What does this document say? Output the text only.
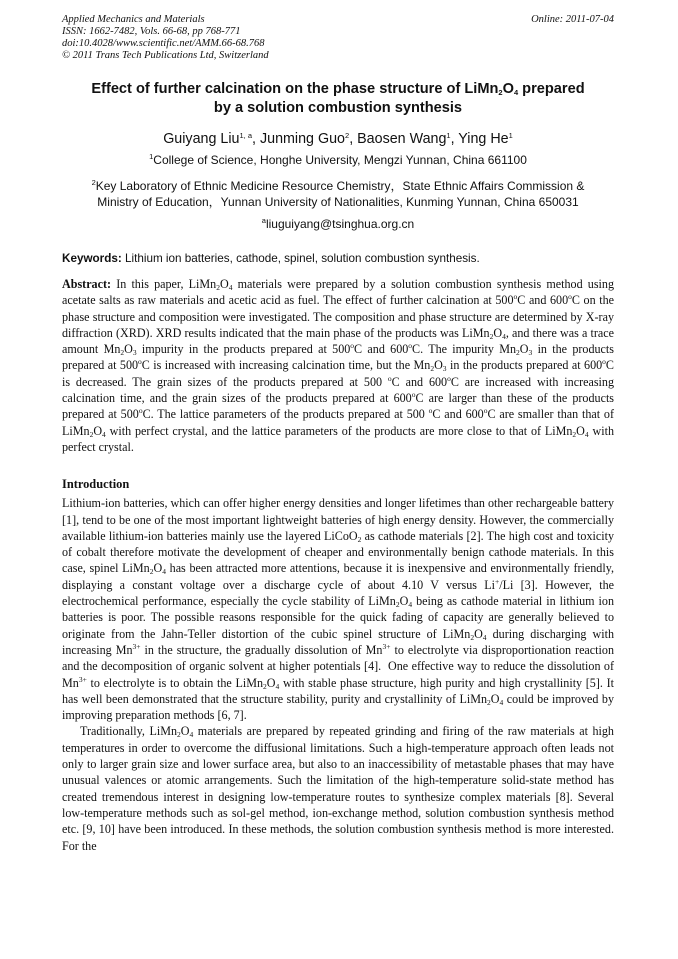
Applied Mechanics and Materials
ISSN: 1662-7482, Vols. 66-68, pp 768-771
doi:10.4028/www.scientific.net/AMM.66-68.768
© 2011 Trans Tech Publications Ltd, Switzerland
Online: 2011-07-04
Effect of further calcination on the phase structure of $LiMn_2O_4$ prepared
by a solution combustion synthesis
Guiyang Liu$^{1, a}$, Junming Guo$^2$, Baosen Wang$^1$, Ying He$^1$
$^1$College of Science, Honghe University, Mengzi Yunnan, China 661100
$^2$Key Laboratory of Ethnic Medicine Resource Chemistry，State Ethnic Affairs Commission &
Ministry of Education，Yunnan University of Nationalities, Kunming Yunnan, China 650031
$^a$liuguiyang@tsinghua.org.cn
Keywords: Lithium ion batteries, cathode, spinel, solution combustion synthesis.

Abstract: In this paper, $LiMn_2O_4$ materials were prepared by a solution combustion synthesis method using acetate salts as raw materials and acetic acid as fuel. The effect of further calcination at 500$^o$C and 600$^o$C on the phase structure and composition were investigated. The composition and phase structure are determined by X-ray diffraction (XRD). XRD results indicated that the main phase of the products was $LiMn_2O_4$, and there was a trace amount $Mn_2O_3$ impurity in the products prepared at 500$^o$C and 600$^o$C. The impurity $Mn_2O_3$ in the products prepared at 500$^o$C is increased with increasing calcination time, but the $Mn_2O_3$ in the products prepared at 600$^o$C is decreased. The grain sizes of the products prepared at 500 $^o$C and 600$^o$C are increased with increasing calcination time, and the grain sizes of the products prepared at 600$^o$C are larger than these of the products prepared at 500$^o$C. The lattice parameters of the products prepared at 500 $^o$C and 600$^o$C are smaller than that of $LiMn_2O_4$ with perfect crystal, and the lattice parameters of the products are more close to that of $LiMn_2O_4$ with perfect crystal.

Introduction

Lithium-ion batteries, which can offer higher energy densities and longer lifetimes than other rechargeable battery [1], tend to be one of the most important lightweight batteries of high energy density. However, the commercially available lithium-ion batteries mainly use the layered LiCoO$_2$ as cathode materials [2]. The high cost and toxicity of cobalt therefore motivate the development of cheaper and environmentally benign cathode materials. In this case, spinel $LiMn_2O_4$ has been attracted more attentions, because it is inexpensive and environmentally friendly, displaying a constant voltage over a discharge cycle of about 4.10 V versus Li+/Li [3]. However, the electrochemical performance, especially the cycle stability of $LiMn_2O_4$ being as cathode material in lithium ion batteries is poor. The possible reasons responsible for the quick fading of capacity are generally believed to originate from the Jahn-Teller distortion of the cubic spinel structure of $LiMn_2O_4$ during discharging with increasing $Mn^{3+}$ in the structure, the gradually dissolution of $Mn^{3+}$ to electrolyte via disproportionation reaction and the decomposition of organic solvent at higher potentials [4].  One effective way to reduce the dissolution of $Mn^{3+}$ to electrolyte is to obtain the $LiMn_2O_4$ with stable phase structure, high purity and high crystallinity [5]. It has well been demonstrated that the structure stability, purity and crystallinity of $LiMn_2O_4$ could be improved by improving preparation methods [6, 7].

Traditionally, $LiMn_2O_4$ materials are prepared by repeated grinding and firing of the raw materials at high temperatures in order to overcome the diffusional limitations. Such a high-temperature approach often leads not only to larger grain size and lower surface area, but also to an inaccessibility of metastable phases that may have unusual valences or atomic arrangements. Such the limitation of the high-temperature solid-state method has created tremendous interest in designing low-temperature routes to synthesize complex materials [8]. Several low-temperature methods such as sol-gel method, ion-exchange method, solution combustion synthesis method etc. [9, 10] have been introduced. In these methods, the solution combustion synthesis method is more interested. For the
